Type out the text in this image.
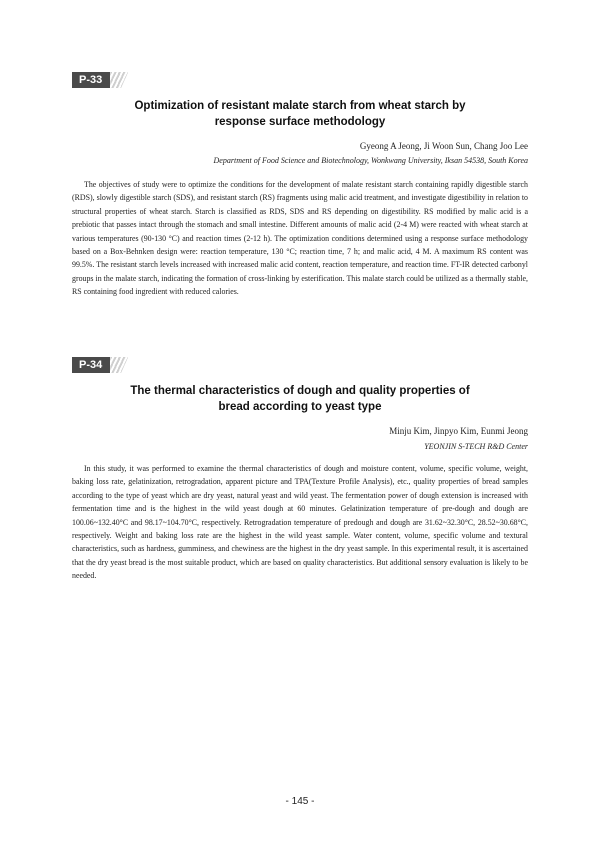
P-33
Optimization of resistant malate starch from wheat starch by
response surface methodology
Gyeong A Jeong, Ji Woon Sun, Chang Joo Lee
Department of Food Science and Biotechnology, Wonkwang University, Iksan 54538, South Korea

The objectives of study were to optimize the conditions for the development of malate resistant starch containing rapidly digestible starch (RDS), slowly digestible starch (SDS), and resistant starch (RS) fragments using malic acid treatment, and investigate digestibility in relation to structural properties of wheat starch. Starch is classified as RDS, SDS and RS depending on digestibility. RS modified by malic acid is a prebiotic that passes intact through the stomach and small intestine. Different amounts of malic acid (2-4 M) were reacted with wheat starch at various temperatures (90-130 °C) and reaction times (2-12 h). The optimization conditions determined using a response surface methodology based on a Box-Behnken design were: reaction temperature, 130 °C; reaction time, 7 h; and malic acid, 4 M. A maximum RS content was 99.5%. The resistant starch levels increased with increased malic acid content, reaction temperature, and reaction time. FT-IR detected carbonyl groups in the malate starch, indicating the formation of cross-linking by esterification. This malate starch could be utilized as a thermally stable, RS containing food ingredient with reduced calories.

P-34
The thermal characteristics of dough and quality properties of
bread according to yeast type
Minju Kim, Jinpyo Kim, Eunmi Jeong
YEONJIN S-TECH R&D Center

In this study, it was performed to examine the thermal characteristics of dough and moisture content, volume, specific volume, weight, baking loss rate, gelatinization, retrogradation, apparent picture and TPA(Texture Profile Analysis), etc., quality properties of bread samples according to the type of yeast which are dry yeast, natural yeast and wild yeast. The fermentation power of dough extension is increased with fermentation time and is the highest in the wild yeast dough at 60 minutes. Gelatinization temperature of pre-dough and dough are 100.06~132.40°C and 98.17~104.70°C, respectively. Retrogradation temperature of predough and dough are 31.62~32.30°C, 28.52~30.68°C, respectively. Weight and baking loss rate are the highest in the wild yeast sample. Water content, volume, specific volume and textural characteristics, such as hardness, gumminess, and chewiness are the highest in the dry yeast sample. In this experimental result, it is ascertained that the dry yeast bread is the most suitable product, which are based on quality characteristics. But additional sensory evaluation is likely to be needed.

- 145 -
